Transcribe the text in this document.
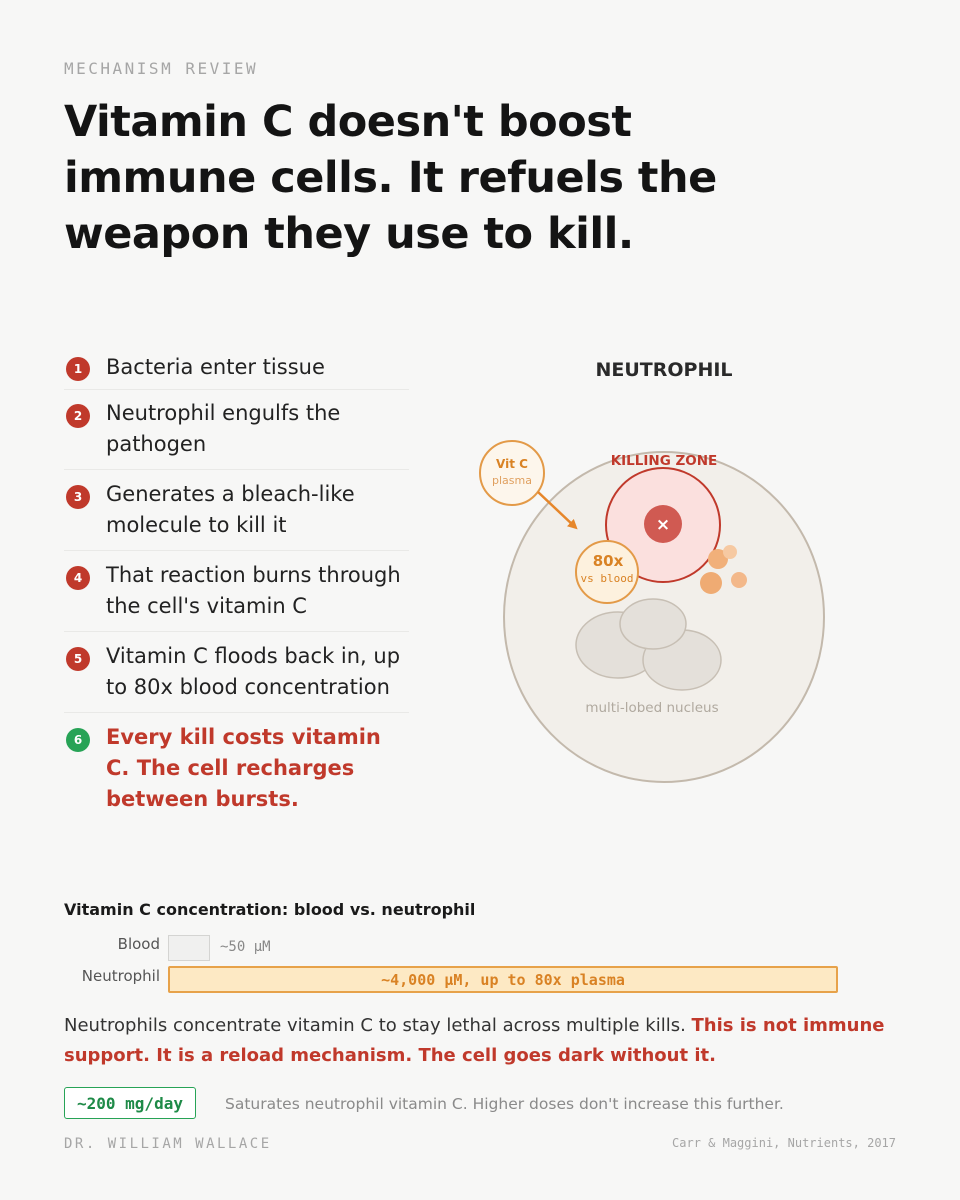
MECHANISM REVIEW
Vitamin C doesn't boost immune cells. It refuels the weapon they use to kill.
1	Bacteria enter tissue
2	Neutrophil engulfs the pathogen
3	Generates a bleach-like molecule to kill it
4	That reaction burns through the cell's vitamin C
5	Vitamin C floods back in, up to 80x blood concentration
6	Every kill costs vitamin C. The cell recharges between bursts.
NEUTROPHIL
KILLING ZONE
×
multi-lobed nucleus
80x
vs blood
Vit C
plasma
Vitamin C concentration: blood vs. neutrophil
Blood	~50 μM
Neutrophil	~4,000 μM, up to 80x plasma

Neutrophils concentrate vitamin C to stay lethal across multiple kills. This is not immune support. It is a reload mechanism. The cell goes dark without it.

~200 mg/day	Saturates neutrophil vitamin C. Higher doses don't increase this further.
DR. WILLIAM WALLACE	Carr & Maggini, Nutrients, 2017
